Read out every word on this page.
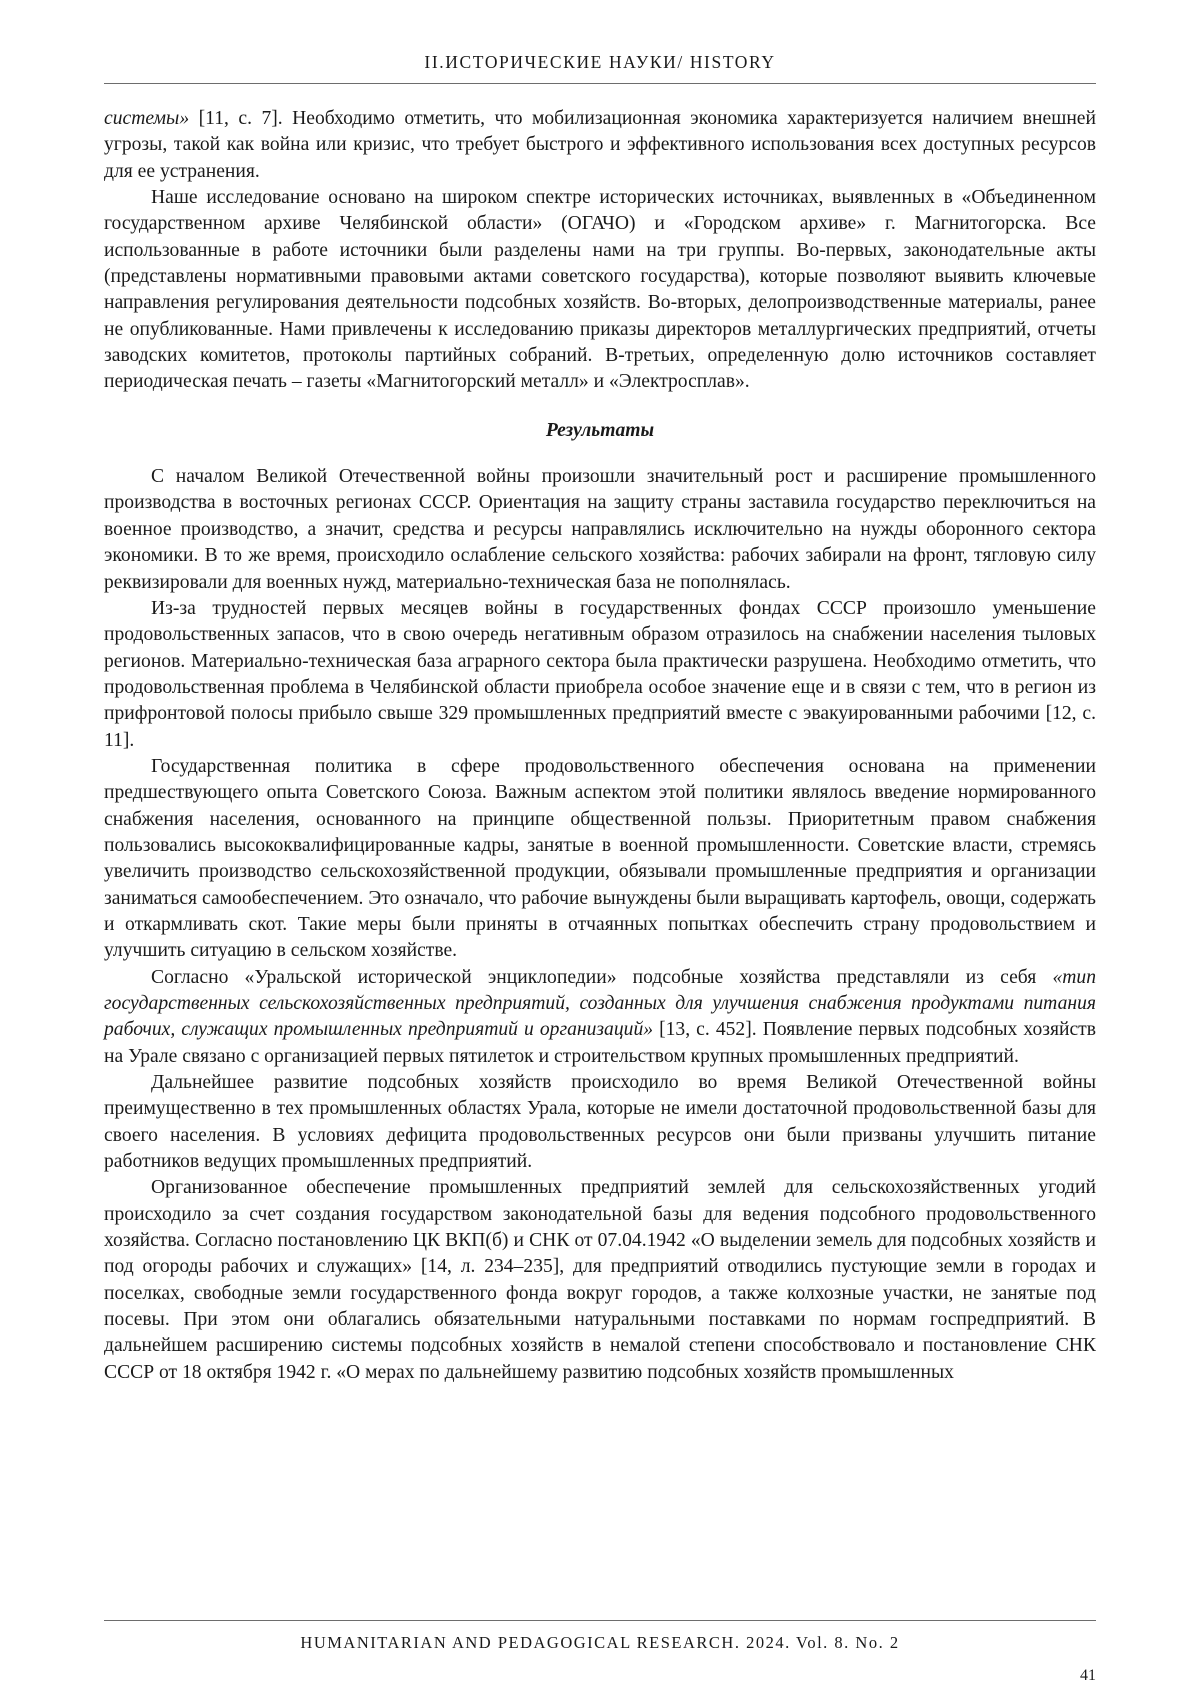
II.ИСТОРИЧЕСКИЕ НАУКИ/ HISTORY

системы» [11, с. 7]. Необходимо отметить, что мобилизационная экономика характеризуется наличием внешней угрозы, такой как война или кризис, что требует быстрого и эффективного использования всех доступных ресурсов для ее устранения.

Наше исследование основано на широком спектре исторических источниках, выявленных в «Объединенном государственном архиве Челябинской области» (ОГАЧО) и «Городском архиве» г. Магнитогорска. Все использованные в работе источники были разделены нами на три группы. Во-первых, законодательные акты (представлены нормативными правовыми актами советского государства), которые позволяют выявить ключевые направления регулирования деятельности подсобных хозяйств. Во-вторых, делопроизводственные материалы, ранее не опубликованные. Нами привлечены к исследованию приказы директоров металлургических предприятий, отчеты заводских комитетов, протоколы партийных собраний. В-третьих, определенную долю источников составляет периодическая печать – газеты «Магнитогорский металл» и «Электросплав».

Результаты

С началом Великой Отечественной войны произошли значительный рост и расширение промышленного производства в восточных регионах СССР. Ориентация на защиту страны заставила государство переключиться на военное производство, а значит, средства и ресурсы направлялись исключительно на нужды оборонного сектора экономики. В то же время, происходило ослабление сельского хозяйства: рабочих забирали на фронт, тягловую силу реквизировали для военных нужд, материально-техническая база не пополнялась.

Из-за трудностей первых месяцев войны в государственных фондах СССР произошло уменьшение продовольственных запасов, что в свою очередь негативным образом отразилось на снабжении населения тыловых регионов. Материально-техническая база аграрного сектора была практически разрушена. Необходимо отметить, что продовольственная проблема в Челябинской области приобрела особое значение еще и в связи с тем, что в регион из прифронтовой полосы прибыло свыше 329 промышленных предприятий вместе с эвакуированными рабочими [12, с. 11].

Государственная политика в сфере продовольственного обеспечения основана на применении предшествующего опыта Советского Союза. Важным аспектом этой политики являлось введение нормированного снабжения населения, основанного на принципе общественной пользы. Приоритетным правом снабжения пользовались высококвалифицированные кадры, занятые в военной промышленности. Советские власти, стремясь увеличить производство сельскохозяйственной продукции, обязывали промышленные предприятия и организации заниматься самообеспечением. Это означало, что рабочие вынуждены были выращивать картофель, овощи, содержать и откармливать скот. Такие меры были приняты в отчаянных попытках обеспечить страну продовольствием и улучшить ситуацию в сельском хозяйстве.

Согласно «Уральской исторической энциклопедии» подсобные хозяйства представляли из себя «тип государственных сельскохозяйственных предприятий, созданных для улучшения снабжения продуктами питания рабочих, служащих промышленных предприятий и организаций» [13, с. 452]. Появление первых подсобных хозяйств на Урале связано с организацией первых пятилеток и строительством крупных промышленных предприятий.

Дальнейшее развитие подсобных хозяйств происходило во время Великой Отечественной войны преимущественно в тех промышленных областях Урала, которые не имели достаточной продовольственной базы для своего населения. В условиях дефицита продовольственных ресурсов они были призваны улучшить питание работников ведущих промышленных предприятий.

Организованное обеспечение промышленных предприятий землей для сельскохозяйственных угодий происходило за счет создания государством законодательной базы для ведения подсобного продовольственного хозяйства. Согласно постановлению ЦК ВКП(б) и СНК от 07.04.1942 «О выделении земель для подсобных хозяйств и под огороды рабочих и служащих» [14, л. 234–235], для предприятий отводились пустующие земли в городах и поселках, свободные земли государственного фонда вокруг городов, а также колхозные участки, не занятые под посевы. При этом они облагались обязательными натуральными поставками по нормам госпредприятий. В дальнейшем расширению системы подсобных хозяйств в немалой степени способствовало и постановление СНК СССР от 18 октября 1942 г. «О мерах по дальнейшему развитию подсобных хозяйств промышленных

HUMANITARIAN AND PEDAGOGICAL RESEARCH. 2024. Vol. 8. No. 2
41
